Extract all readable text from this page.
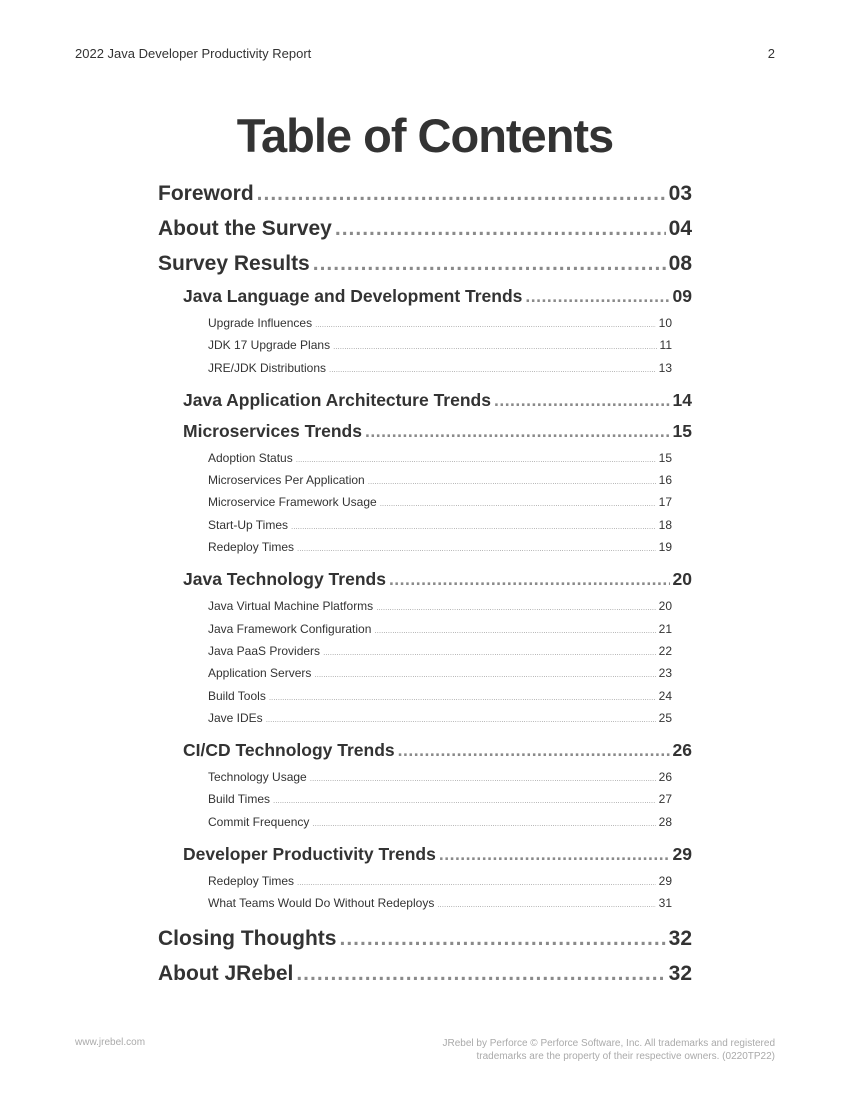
2022 Java Developer Productivity Report	2
Table of Contents
Foreword .....	03
About the Survey .....	04
Survey Results .....	08
Java Language and Development Trends .....	09
Upgrade Influences .....	10
JDK 17 Upgrade Plans .....	11
JRE/JDK Distributions .....	13
Java Application Architecture Trends .....	14
Microservices Trends .....	15
Adoption Status .....	15
Microservices Per Application .....	16
Microservice Framework Usage .....	17
Start-Up Times .....	18
Redeploy Times .....	19
Java Technology Trends .....	20
Java Virtual Machine Platforms .....	20
Java Framework Configuration .....	21
Java PaaS Providers .....	22
Application Servers .....	23
Build Tools .....	24
Jave IDEs .....	25
CI/CD Technology Trends .....	26
Technology Usage .....	26
Build Times .....	27
Commit Frequency .....	28
Developer Productivity Trends .....	29
Redeploy Times .....	29
What Teams Would Do Without Redeploys .....	31
Closing Thoughts .....	32
About JRebel .....	32
www.jrebel.com	JRebel by Perforce © Perforce Software, Inc. All trademarks and registered
trademarks are the property of their respective owners. (0220TP22)
